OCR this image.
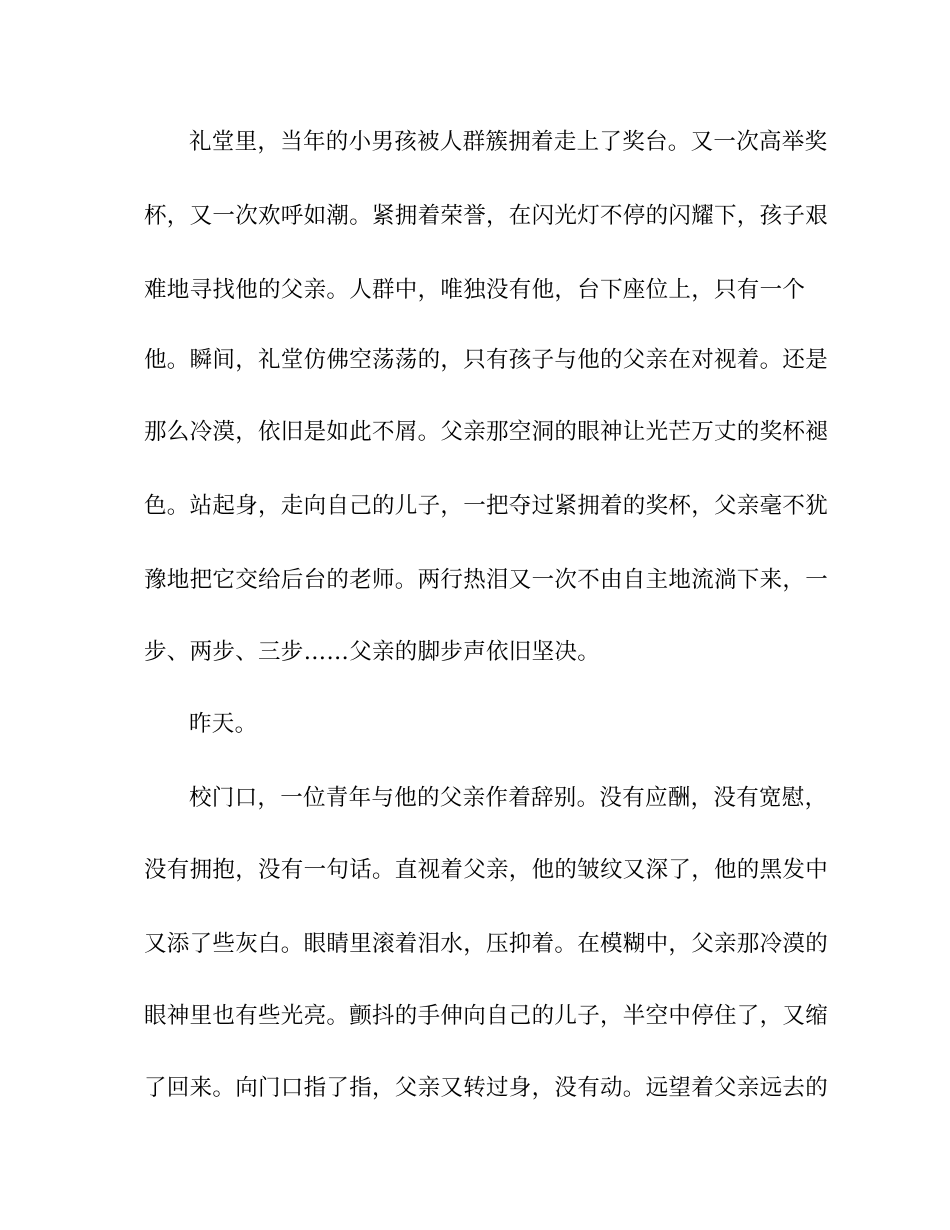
礼堂里，当年的小男孩被人群簇拥着走上了奖台。又一次高举奖
杯，又一次欢呼如潮。紧拥着荣誉，在闪光灯不停的闪耀下，孩子艰
难地寻找他的父亲。人群中，唯独没有他，台下座位上，只有一个
他。瞬间，礼堂仿佛空荡荡的，只有孩子与他的父亲在对视着。还是
那么冷漠，依旧是如此不屑。父亲那空洞的眼神让光芒万丈的奖杯褪
色。站起身，走向自己的儿子，一把夺过紧拥着的奖杯，父亲毫不犹
豫地把它交给后台的老师。两行热泪又一次不由自主地流淌下来，一
步、两步、三步……父亲的脚步声依旧坚决。
昨天。
校门口，一位青年与他的父亲作着辞别。没有应酬，没有宽慰，
没有拥抱，没有一句话。直视着父亲，他的皱纹又深了，他的黑发中
又添了些灰白。眼睛里滚着泪水，压抑着。在模糊中，父亲那冷漠的
眼神里也有些光亮。颤抖的手伸向自己的儿子，半空中停住了，又缩
了回来。向门口指了指，父亲又转过身，没有动。远望着父亲远去的
